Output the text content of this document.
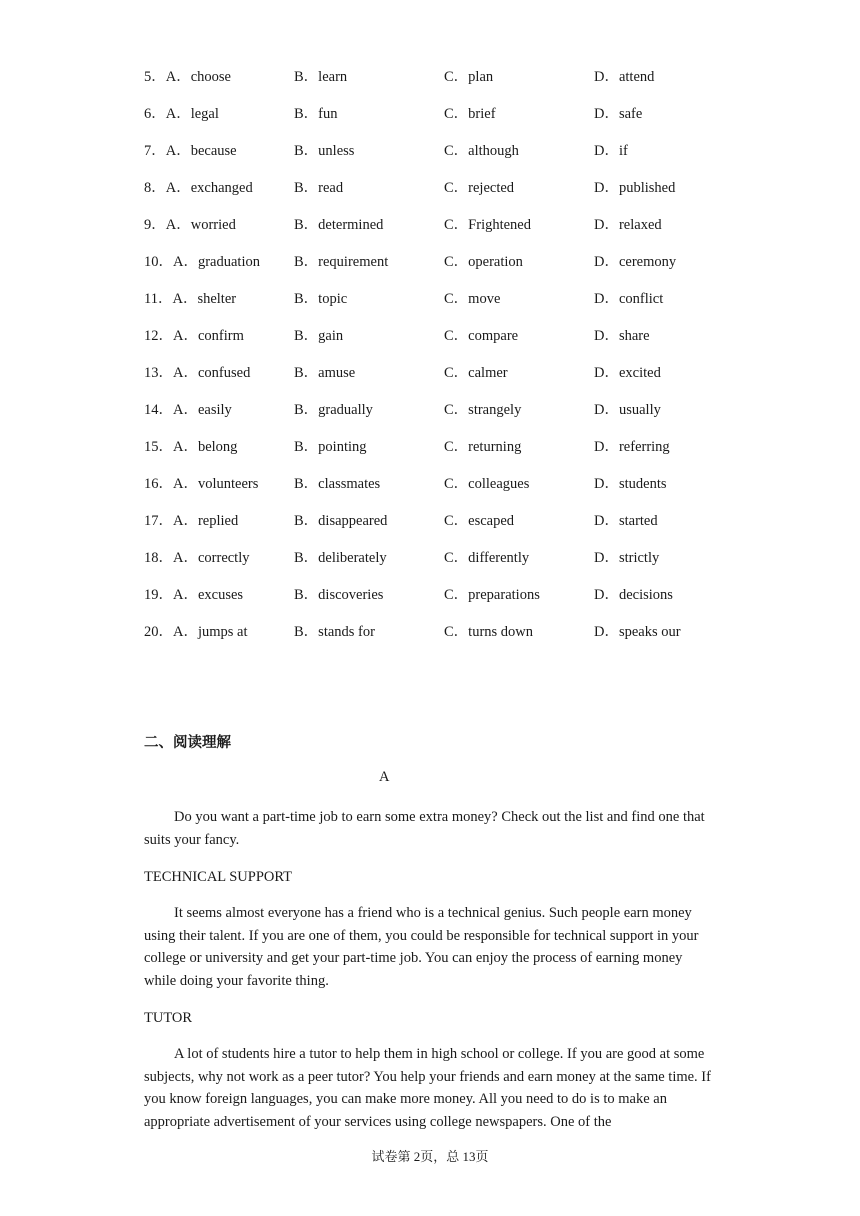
5．A．choose	B．learn	C．plan	D．attend
6．A．legal	B．fun	C．brief	D．safe
7．A．because	B．unless	C．although	D．if
8．A．exchanged	B．read	C．rejected	D．published
9．A．worried	B．determined	C．Frightened	D．relaxed
10．A．graduation	B．requirement	C．operation	D．ceremony
11．A．shelter	B．topic	C．move	D．conflict
12．A．confirm	B．gain	C．compare	D．share
13．A．confused	B．amuse	C．calmer	D．excited
14．A．easily	B．gradually	C．strangely	D．usually
15．A．belong	B．pointing	C．returning	D．referring
16．A．volunteers	B．classmates	C．colleagues	D．students
17．A．replied	B．disappeared	C．escaped	D．started
18．A．correctly	B．deliberately	C．differently	D．strictly
19．A．excuses	B．discoveries	C．preparations	D．decisions
20．A．jumps at	B．stands for	C．turns down	D．speaks our
二、阅读理解
A
Do you want a part-time job to earn some extra money? Check out the list and find one that suits your fancy.
TECHNICAL SUPPORT
It seems almost everyone has a friend who is a technical genius. Such people earn money using their talent. If you are one of them, you could be responsible for technical support in your college or university and get your part-time job. You can enjoy the process of earning money while doing your favorite thing.
TUTOR
A lot of students hire a tutor to help them in high school or college. If you are good at some subjects, why not work as a peer tutor? You help your friends and earn money at the same time. If you know foreign languages, you can make more money. All you need to do is to make an appropriate advertisement of your services using college newspapers. One of the
试卷第 2页，总 13页
